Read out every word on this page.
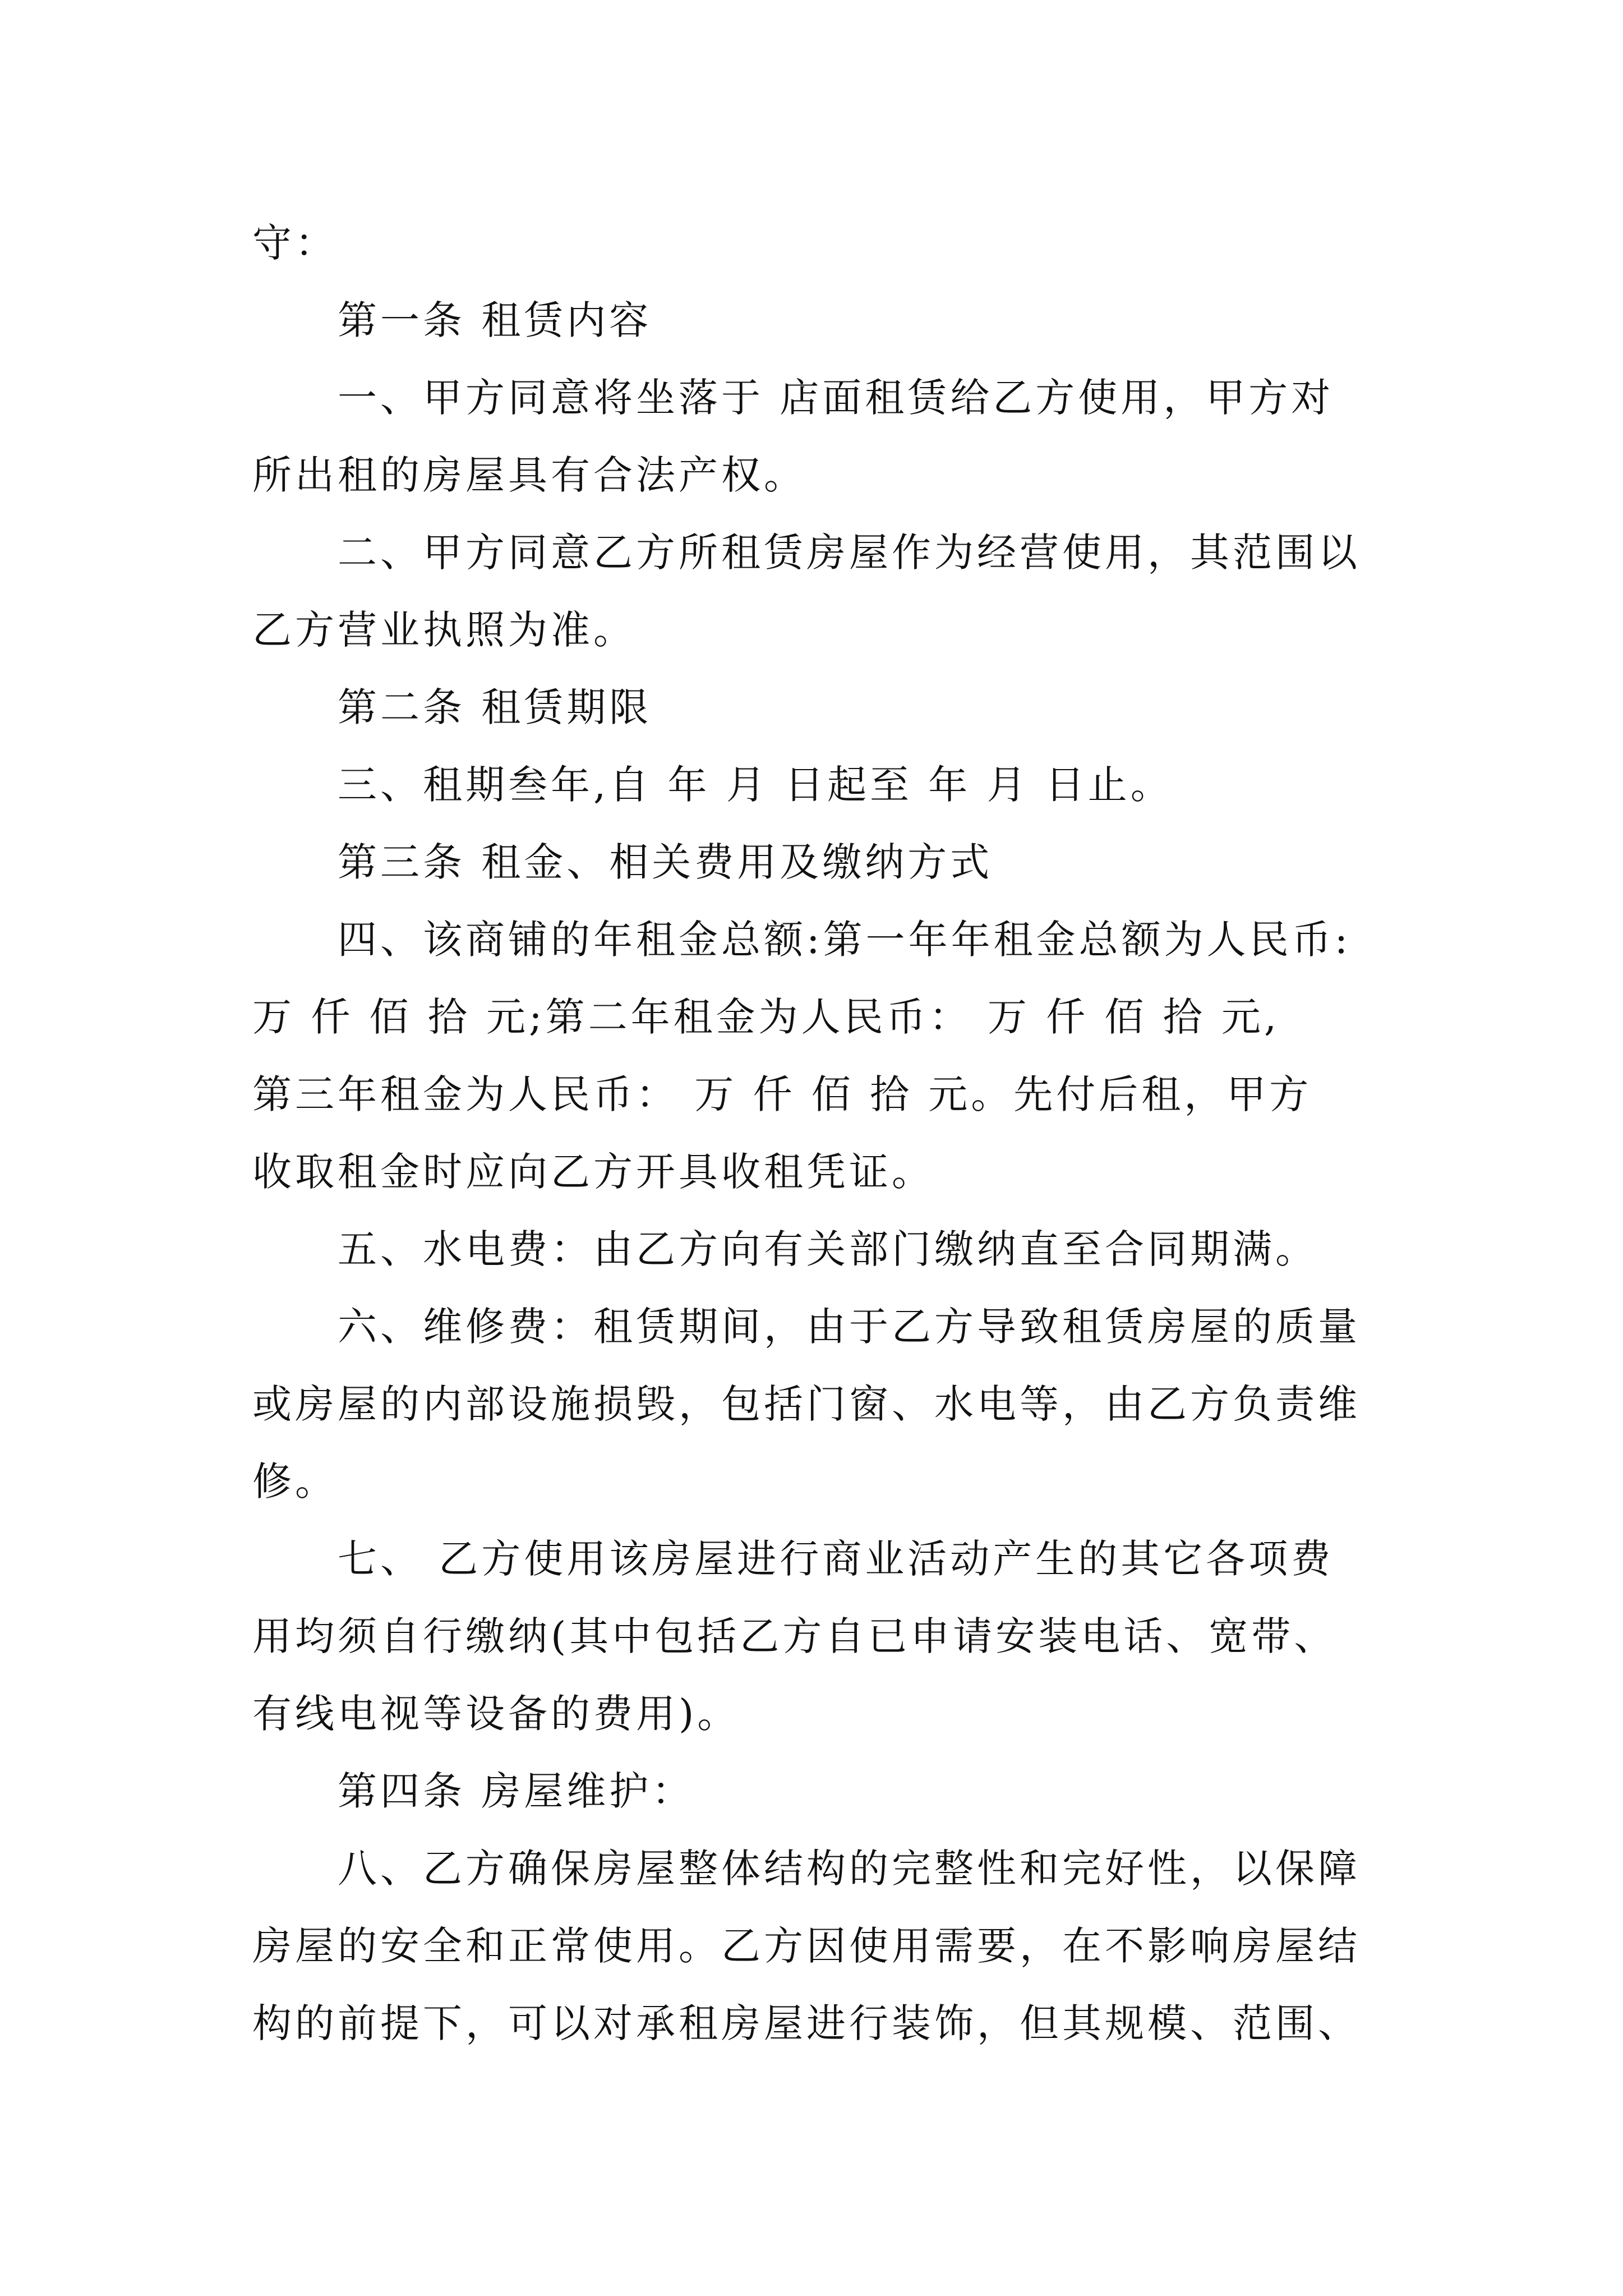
守：
第一条 租赁内容
一、甲方同意将坐落于 店面租赁给乙方使用，甲方对
所出租的房屋具有合法产权。
二、甲方同意乙方所租赁房屋作为经营使用，其范围以
乙方营业执照为准。
第二条 租赁期限
三、租期叁年,自 年 月 日起至 年 月 日止。
第三条 租金、相关费用及缴纳方式
四、该商铺的年租金总额:第一年年租金总额为人民币:
万 仟 佰 拾 元;第二年租金为人民币： 万 仟 佰 拾 元,
第三年租金为人民币： 万 仟 佰 拾 元。先付后租，甲方
收取租金时应向乙方开具收租凭证。
五、水电费：由乙方向有关部门缴纳直至合同期满。
六、维修费：租赁期间，由于乙方导致租赁房屋的质量
或房屋的内部设施损毁，包括门窗、水电等，由乙方负责维
修。
七、 乙方使用该房屋进行商业活动产生的其它各项费
用均须自行缴纳(其中包括乙方自已申请安装电话、宽带、
有线电视等设备的费用)。
第四条 房屋维护：
八、乙方确保房屋整体结构的完整性和完好性，以保障
房屋的安全和正常使用。乙方因使用需要，在不影响房屋结
构的前提下，可以对承租房屋进行装饰，但其规模、范围、
